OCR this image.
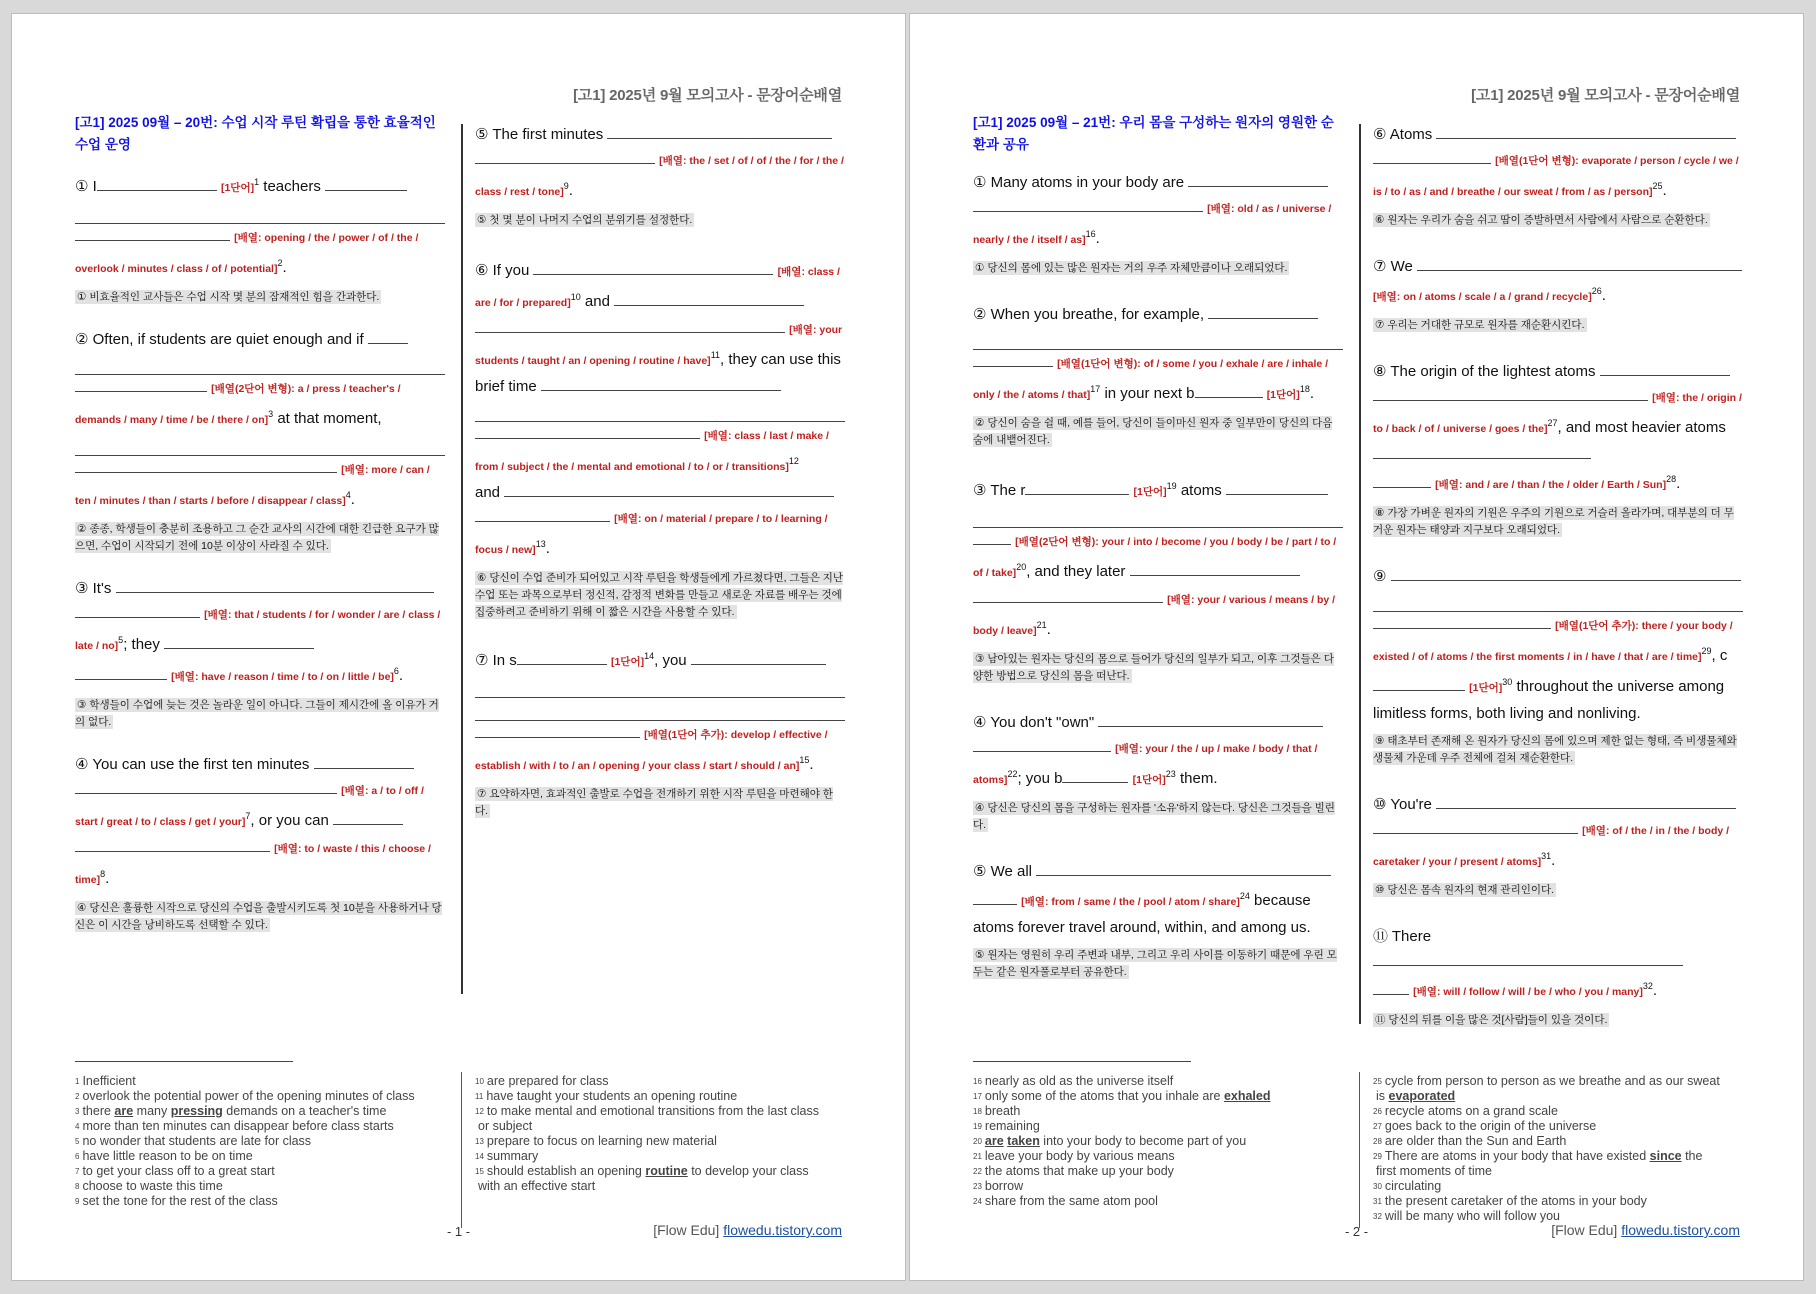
[고1] 2025년 9월 모의고사 - 문장어순배열
[고1] 2025 09월 – 20번: 수업 시작 루틴 확립을 통한 효율적인 수업 운영

① I	[1단어]$^1$ teachers

[배열: opening / the / power / of / the / overlook / minutes / class / of / potential]$^2$.

① 비효율적인 교사들은 수업 시작 몇 분의 잠재적인 힘을 간과한다.

② Often, if students are quiet enough and if

[배열(2단어 변형): a / press / teacher's / demands / many / time / be / there / on]$^3$ at that moment,

[배열: more / can / ten / minutes / than / starts / before / disappear / class]$^4$.

② 종종, 학생들이 충분히 조용하고 그 순간 교사의 시간에 대한 긴급한 요구가 많으면, 수업이 시작되기 전에 10분 이상이 사라질 수 있다.

③ It's

[배열: that / students / for / wonder / are / class / late / no]$^5$; they

[배열: have / reason / time / to / on / little / be]$^6$.

③ 학생들이 수업에 늦는 것은 놀라운 일이 아니다. 그들이 제시간에 올 이유가 거의 없다.

④ You can use the first ten minutes

[배열: a / to / off / start / great / to / class / get / your]$^7$, or you can

[배열: to / waste / this / choose / time]$^8$.

④ 당신은 훌륭한 시작으로 당신의 수업을 출발시키도록 첫 10분을 사용하거나 당신은 이 시간을 낭비하도록 선택할 수 있다.

⑤ The first minutes

[배열: the / set / of / of / the / for / the / class / rest / tone]$^9$.

⑤ 첫 몇 분이 나머지 수업의 분위기를 설정한다.

⑥ If you	[배열: class / are / for / prepared]$^{10}$ and

[배열: your students / taught / an / opening / routine / have]$^{11}$, they can use this brief time

[배열: class / last / make / from / subject / the / mental and emotional / to / or / transitions]$^{12}$

and

[배열: on / material / prepare / to / learning / focus / new]$^{13}$.

⑥ 당신이 수업 준비가 되어있고 시작 루틴을 학생들에게 가르쳤다면, 그들은 지난 수업 또는 과목으로부터 정신적, 감정적 변화를 만들고 새로운 자료를 배우는 것에 집중하려고 준비하기 위해 이 짧은 시간을 사용할 수 있다.

⑦ In s	[1단어]$^{14}$, you

[배열(1단어 추가): develop / effective / establish / with / to / an / opening / your class / start / should / an]$^{15}$.

⑦ 요약하자면, 효과적인 출발로 수업을 전개하기 위한 시작 루틴을 마련해야 한다.
$^1$ Inefficient
$^2$ overlook the potential power of the opening minutes of class
$^3$ there are many pressing demands on a teacher's time
$^4$ more than ten minutes can disappear before class starts
$^5$ no wonder that students are late for class
$^6$ have little reason to be on time
$^7$ to get your class off to a great start
$^8$ choose to waste this time
$^9$ set the tone for the rest of the class
$^{10}$ are prepared for class
$^{11}$ have taught your students an opening routine
$^{12}$ to make mental and emotional transitions from the last class
or subject
$^{13}$ prepare to focus on learning new material
$^{14}$ summary
$^{15}$ should establish an opening routine to develop your class
with an effective start
- 1 -	[Flow Edu] flowedu.tistory.com
[고1] 2025년 9월 모의고사 - 문장어순배열
[고1] 2025 09월 – 21번: 우리 몸을 구성하는 원자의 영원한 순환과 공유

① Many atoms in your body are

[배열: old / as / universe / nearly / the / itself / as]$^{16}$.

① 당신의 몸에 있는 많은 원자는 거의 우주 자체만큼이나 오래되었다.

② When you breathe, for example,

[배열(1단어 변형): of / some / you / exhale / are / inhale / only / the / atoms / that]$^{17}$ in your next b	[1단어]$^{18}$.

② 당신이 숨을 쉴 때, 예를 들어, 당신이 들이마신 원자 중 일부만이 당신의 다음 숨에 내뱉어진다.

③ The r	[1단어]$^{19}$ atoms

[배열(2단어 변형): your / into / become / you / body / be / part / to / of / take]$^{20}$, and they later

[배열: your / various / means / by / body / leave]$^{21}$.

③ 남아있는 원자는 당신의 몸으로 들어가 당신의 일부가 되고, 이후 그것들은 다양한 방법으로 당신의 몸을 떠난다.

④ You don't "own"

[배열: your / the / up / make / body / that / atoms]$^{22}$; you b	[1단어]$^{23}$ them.

④ 당신은 당신의 몸을 구성하는 원자를 '소유'하지 않는다. 당신은 그것들을 빌린다.

⑤ We all

[배열: from / same / the / pool / atom / share]$^{24}$ because atoms forever travel around, within, and among us.

⑤ 원자는 영원히 우리 주변과 내부, 그리고 우리 사이를 이동하기 때문에 우린 모두는 같은 원자풀로부터 공유한다.

⑥ Atoms

[배열(1단어 변형): evaporate / person / cycle / we / is / to / as / and / breathe / our sweat / from / as / person]$^{25}$.

⑥ 원자는 우리가 숨을 쉬고 땀이 증발하면서 사람에서 사람으로 순환한다.

⑦ We

[배열: on / atoms / scale / a / grand / recycle]$^{26}$.

⑦ 우리는 거대한 규모로 원자를 재순환시킨다.

⑧ The origin of the lightest atoms

[배열: the / origin / to / back / of / universe / goes / the]$^{27}$, and most heavier atoms

[배열: and / are / than / the / older / Earth / Sun]$^{28}$.

⑧ 가장 가벼운 원자의 기원은 우주의 기원으로 거슬러 올라가며, 대부분의 더 무거운 원자는 태양과 지구보다 오래되었다.

⑨

[배열(1단어 추가): there / your body / existed / of / atoms / the first moments / in / have / that / are / time]$^{29}$, c [1단어]$^{30}$ throughout the universe among limitless forms, both living and nonliving.

⑨ 태초부터 존재해 온 원자가 당신의 몸에 있으며 제한 없는 형태, 즉 비생물체와 생물체 가운데 우주 전체에 걸쳐 재순환한다.

⑩ You're

[배열: of / the / in / the / body / caretaker / your / present / atoms]$^{31}$.

⑩ 당신은 몸속 원자의 현재 관리인이다.

⑪ There

[배열: will / follow / will / be / who / you / many]$^{32}$.

⑪ 당신의 뒤를 이을 많은 것[사람]들이 있을 것이다.
$^{16}$ nearly as old as the universe itself
$^{17}$ only some of the atoms that you inhale are exhaled
$^{18}$ breath
$^{19}$ remaining
$^{20}$ are taken into your body to become part of you
$^{21}$ leave your body by various means
$^{22}$ the atoms that make up your body
$^{23}$ borrow
$^{24}$ share from the same atom pool
$^{25}$ cycle from person to person as we breathe and as our sweat
is evaporated
$^{26}$ recycle atoms on a grand scale
$^{27}$ goes back to the origin of the universe
$^{28}$ are older than the Sun and Earth
$^{29}$ There are atoms in your body that have existed since the
first moments of time
$^{30}$ circulating
$^{31}$ the present caretaker of the atoms in your body
$^{32}$ will be many who will follow you
- 2 -	[Flow Edu] flowedu.tistory.com
